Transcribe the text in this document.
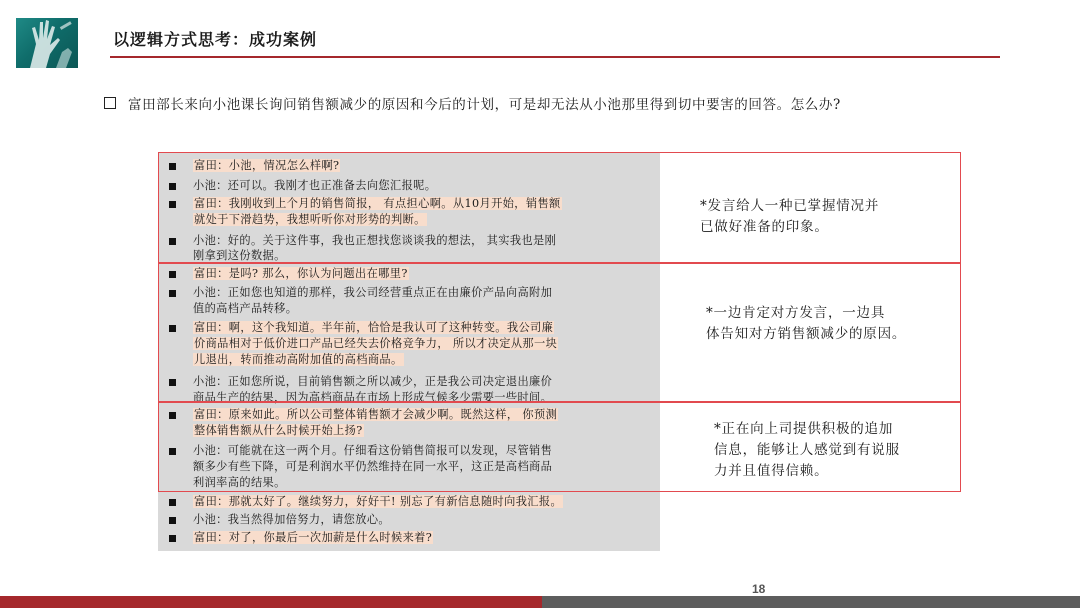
以逻辑方式思考：成功案例
富田部长来向小池课长询问销售额减少的原因和今后的计划，可是却无法从小池那里得到切中要害的回答。怎么办?
富田：小池，情况怎么样啊?
小池：还可以。我刚才也正准备去向您汇报呢。
富田：我刚收到上个月的销售简报， 有点担心啊。从10月开始，销售额
就处于下滑趋势，我想听听你对形势的判断。
小池：好的。关于这件事，我也正想找您谈谈我的想法， 其实我也是刚
刚拿到这份数据。
富田：是吗? 那么，你认为问题出在哪里?
小池：正如您也知道的那样，我公司经营重点正在由廉价产品向高附加
值的高档产品转移。
富田：啊，这个我知道。半年前，恰恰是我认可了这种转变。我公司廉
价商品相对于低价进口产品已经失去价格竞争力， 所以才决定从那一块
儿退出，转而推动高附加值的高档商品。
小池：正如您所说，目前销售额之所以减少，正是我公司决定退出廉价
商品生产的结果，因为高档商品在市场上形成气候多少需要一些时间。
富田：原来如此。所以公司整体销售额才会减少啊。既然这样， 你预测
整体销售额从什么时候开始上扬?
小池：可能就在这一两个月。仔细看这份销售简报可以发现，尽管销售
额多少有些下降，可是利润水平仍然维持在同一水平，这正是高档商品
利润率高的结果。
富田：那就太好了。继续努力，好好干! 别忘了有新信息随时向我汇报。
小池：我当然得加倍努力，请您放心。
富田：对了，你最后一次加薪是什么时候来着?
*发言给人一种已掌握情况并
已做好准备的印象。
*一边肯定对方发言，一边具
体告知对方销售额减少的原因。
*正在向上司提供积极的追加
信息，能够让人感觉到有说服
力并且值得信赖。
18
